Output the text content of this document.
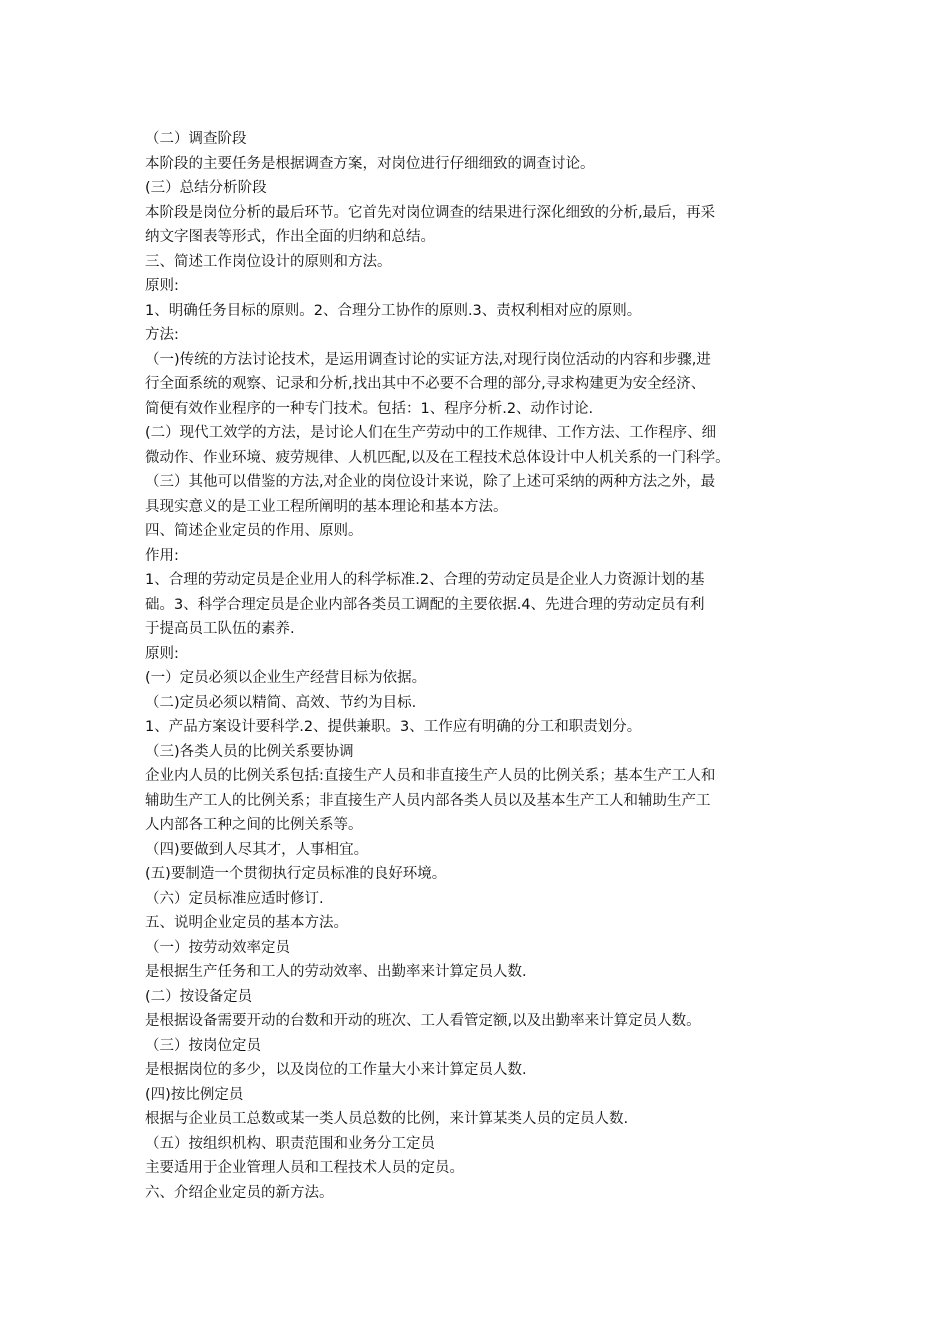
（二）调查阶段
本阶段的主要任务是根据调查方案，对岗位进行仔细细致的调查讨论。
(三）总结分析阶段
本阶段是岗位分析的最后环节。它首先对岗位调查的结果进行深化细致的分析,最后，再采
纳文字图表等形式，作出全面的归纳和总结。
三、简述工作岗位设计的原则和方法。
原则:
1、明确任务目标的原则。2、合理分工协作的原则.3、责权利相对应的原则。
方法:
（一)传统的方法讨论技术，是运用调查讨论的实证方法,对现行岗位活动的内容和步骤,进
行全面系统的观察、记录和分析,找出其中不必要不合理的部分,寻求构建更为安全经济、
简便有效作业程序的一种专门技术。包括：1、程序分析.2、动作讨论.
(二）现代工效学的方法，是讨论人们在生产劳动中的工作规律、工作方法、工作程序、细
微动作、作业环境、疲劳规律、人机匹配,以及在工程技术总体设计中人机关系的一门科学。
（三）其他可以借鉴的方法,对企业的岗位设计来说，除了上述可采纳的两种方法之外，最
具现实意义的是工业工程所阐明的基本理论和基本方法。
四、简述企业定员的作用、原则。
作用:
1、合理的劳动定员是企业用人的科学标准.2、合理的劳动定员是企业人力资源计划的基
础。3、科学合理定员是企业内部各类员工调配的主要依据.4、先进合理的劳动定员有利
于提高员工队伍的素养.
原则:
(一）定员必须以企业生产经营目标为依据。
（二)定员必须以精简、高效、节约为目标.
1、产品方案设计要科学.2、提供兼职。3、工作应有明确的分工和职责划分。
（三)各类人员的比例关系要协调
企业内人员的比例关系包括:直接生产人员和非直接生产人员的比例关系；基本生产工人和
辅助生产工人的比例关系；非直接生产人员内部各类人员以及基本生产工人和辅助生产工
人内部各工种之间的比例关系等。
（四)要做到人尽其才，人事相宜。
(五)要制造一个贯彻执行定员标准的良好环境。
（六）定员标准应适时修订.
五、说明企业定员的基本方法。
（一）按劳动效率定员
是根据生产任务和工人的劳动效率、出勤率来计算定员人数.
(二）按设备定员
是根据设备需要开动的台数和开动的班次、工人看管定额,以及出勤率来计算定员人数。
（三）按岗位定员
是根据岗位的多少，以及岗位的工作量大小来计算定员人数.
(四)按比例定员
根据与企业员工总数或某一类人员总数的比例，来计算某类人员的定员人数.
（五）按组织机构、职责范围和业务分工定员
主要适用于企业管理人员和工程技术人员的定员。
六、介绍企业定员的新方法。
